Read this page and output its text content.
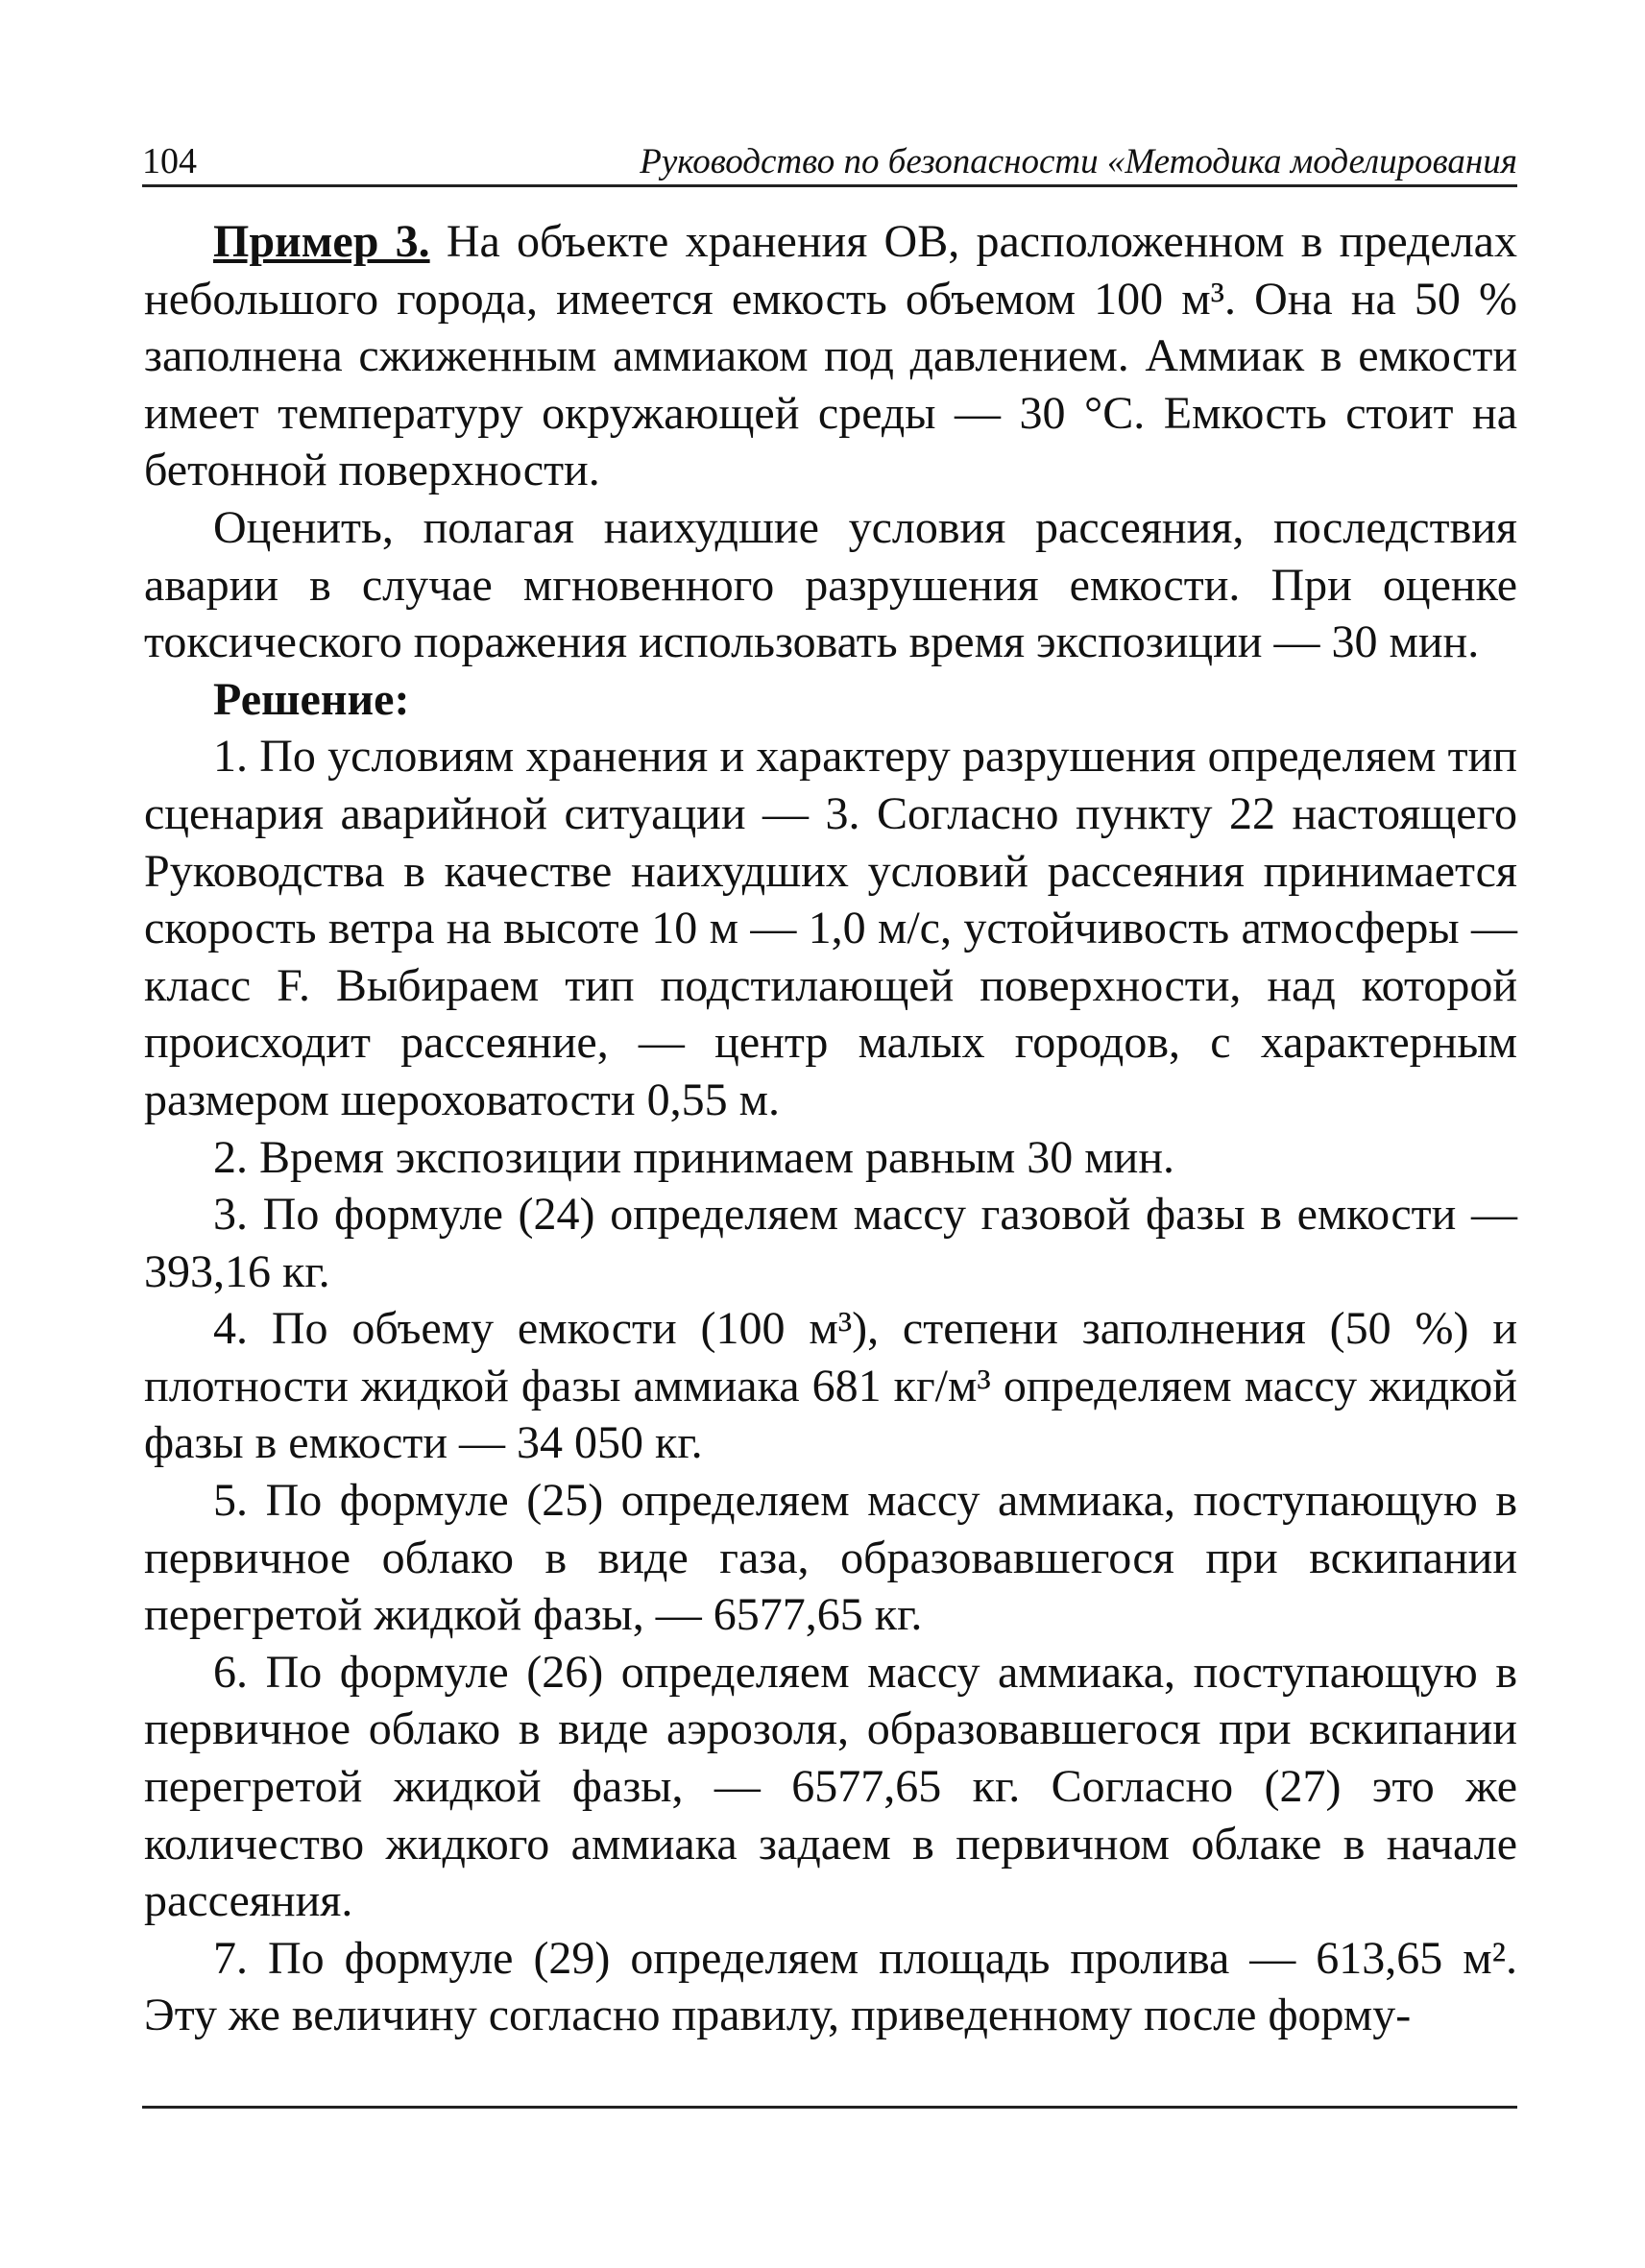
104	Руководство по безопасности «Методика моделирования

Пример 3. На объекте хранения ОВ, расположенном в пределах небольшого города, имеется емкость объемом 100 м³. Она на 50 % заполнена сжиженным аммиаком под давлением. Аммиак в емкости имеет температуру окружающей среды — 30 °С. Емкость стоит на бетонной поверхности.

Оценить, полагая наихудшие условия рассеяния, последствия аварии в случае мгновенного разрушения емкости. При оценке токсического поражения использовать время экспозиции — 30 мин.

Решение:

1. По условиям хранения и характеру разрушения определяем тип сценария аварийной ситуации — 3. Согласно пункту 22 настоящего Руководства в качестве наихудших условий рассеяния принимается скорость ветра на высоте 10 м — 1,0 м/с, устойчивость атмосферы — класс F. Выбираем тип подстилающей поверхности, над которой происходит рассеяние, — центр малых городов, с характерным размером шероховатости 0,55 м.

2. Время экспозиции принимаем равным 30 мин.

3. По формуле (24) определяем массу газовой фазы в емкости — 393,16 кг.

4. По объему емкости (100 м³), степени заполнения (50 %) и плотности жидкой фазы аммиака 681 кг/м³ определяем массу жидкой фазы в емкости — 34 050 кг.

5. По формуле (25) определяем массу аммиака, поступающую в первичное облако в виде газа, образовавшегося при вскипании перегретой жидкой фазы, — 6577,65 кг.

6. По формуле (26) определяем массу аммиака, поступающую в первичное облако в виде аэрозоля, образовавшегося при вскипании перегретой жидкой фазы, — 6577,65 кг. Согласно (27) это же количество жидкого аммиака задаем в первичном облаке в начале рассеяния.

7. По формуле (29) определяем площадь пролива — 613,65 м². Эту же величину согласно правилу, приведенному после форму-
